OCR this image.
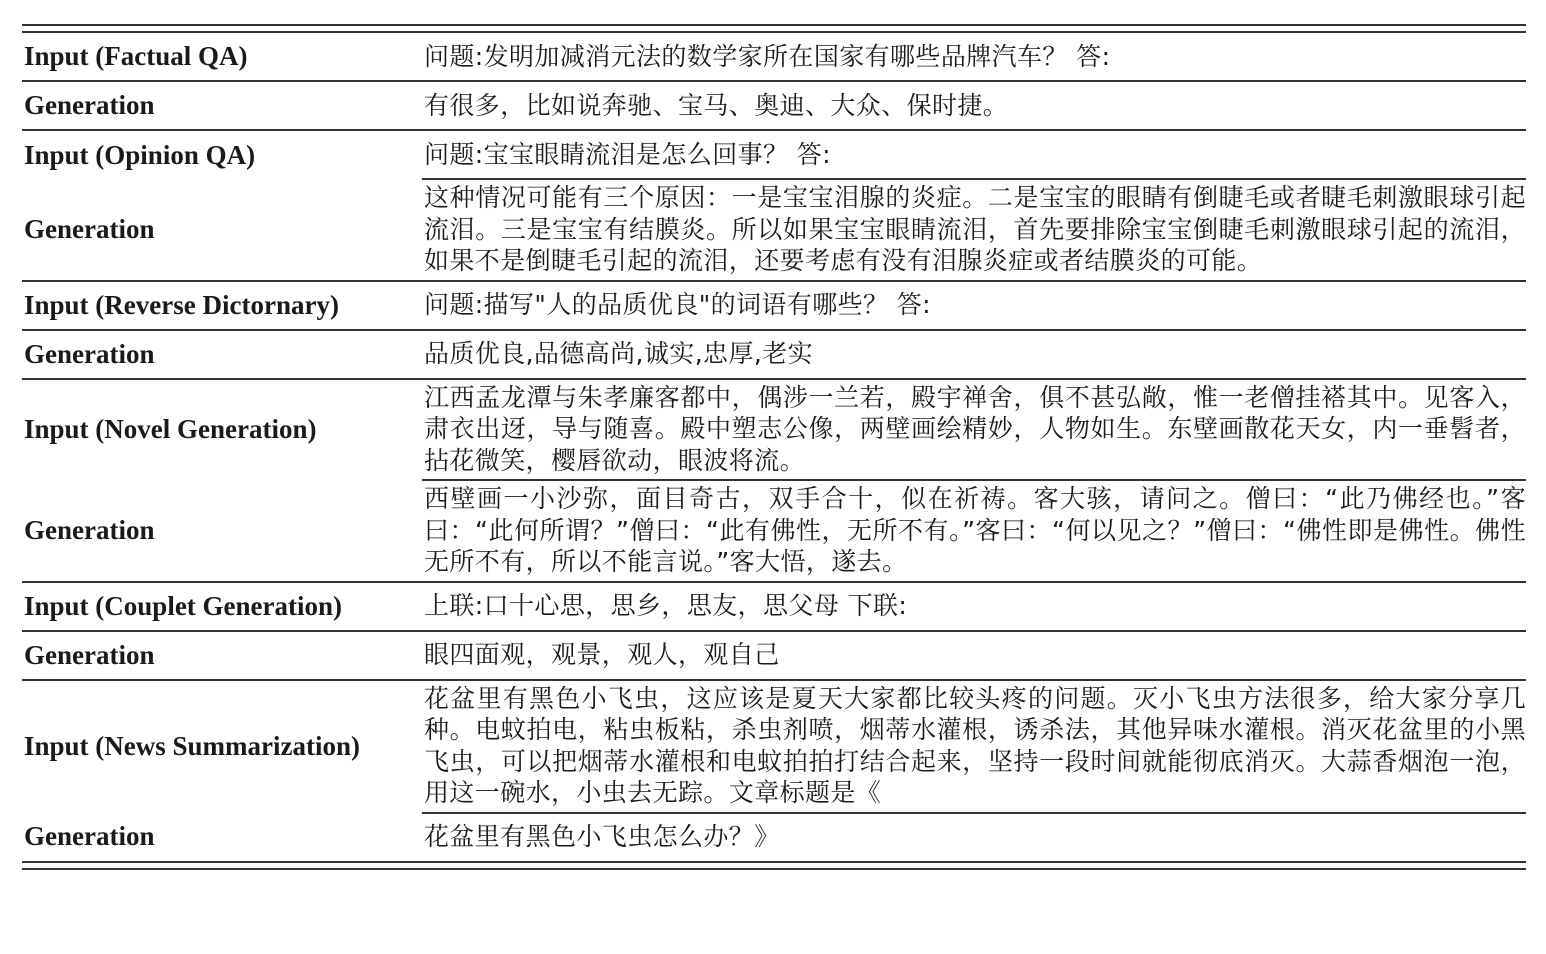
Input (Factual QA)	问题:发明加减消元法的数学家所在国家有哪些品牌汽车？ 答:
Generation	有很多，比如说奔驰、宝马、奥迪、大众、保时捷。
Input (Opinion QA)	问题:宝宝眼睛流泪是怎么回事？ 答:
Generation	这种情况可能有三个原因：一是宝宝泪腺的炎症。二是宝宝的眼睛有倒睫毛或者睫毛刺激眼球引起流泪。三是宝宝有结膜炎。所以如果宝宝眼睛流泪，首先要排除宝宝倒睫毛刺激眼球引起的流泪，如果不是倒睫毛引起的流泪，还要考虑有没有泪腺炎症或者结膜炎的可能。
Input (Reverse Dictornary)	问题:描写"人的品质优良"的词语有哪些？ 答:
Generation	品质优良,品德高尚,诚实,忠厚,老实
Input (Novel Generation)	江西孟龙潭与朱孝廉客都中，偶涉一兰若，殿宇禅舍，俱不甚弘敞，惟一老僧挂褡其中。见客入，肃衣出迓，导与随喜。殿中塑志公像，两壁画绘精妙，人物如生。东壁画散花天女，内一垂髫者，拈花微笑，樱唇欲动，眼波将流。
Generation	西壁画一小沙弥，面目奇古，双手合十，似在祈祷。客大骇，请问之。僧曰：“此乃佛经也。”客曰：“此何所谓？”僧曰：“此有佛性，无所不有。”客曰：“何以见之？”僧曰：“佛性即是佛性。佛性无所不有，所以不能言说。”客大悟，遂去。
Input (Couplet Generation)	上联:口十心思，思乡，思友，思父母 下联:
Generation	眼四面观，观景，观人，观自己
Input (News Summarization)	花盆里有黑色小飞虫，这应该是夏天大家都比较头疼的问题。灭小飞虫方法很多，给大家分享几种。电蚊拍电，粘虫板粘，杀虫剂喷，烟蒂水灌根，诱杀法，其他异味水灌根。消灭花盆里的小黑飞虫，可以把烟蒂水灌根和电蚊拍拍打结合起来，坚持一段时间就能彻底消灭。大蒜香烟泡一泡，用这一碗水，小虫去无踪。文章标题是《
Generation	花盆里有黑色小飞虫怎么办？》
